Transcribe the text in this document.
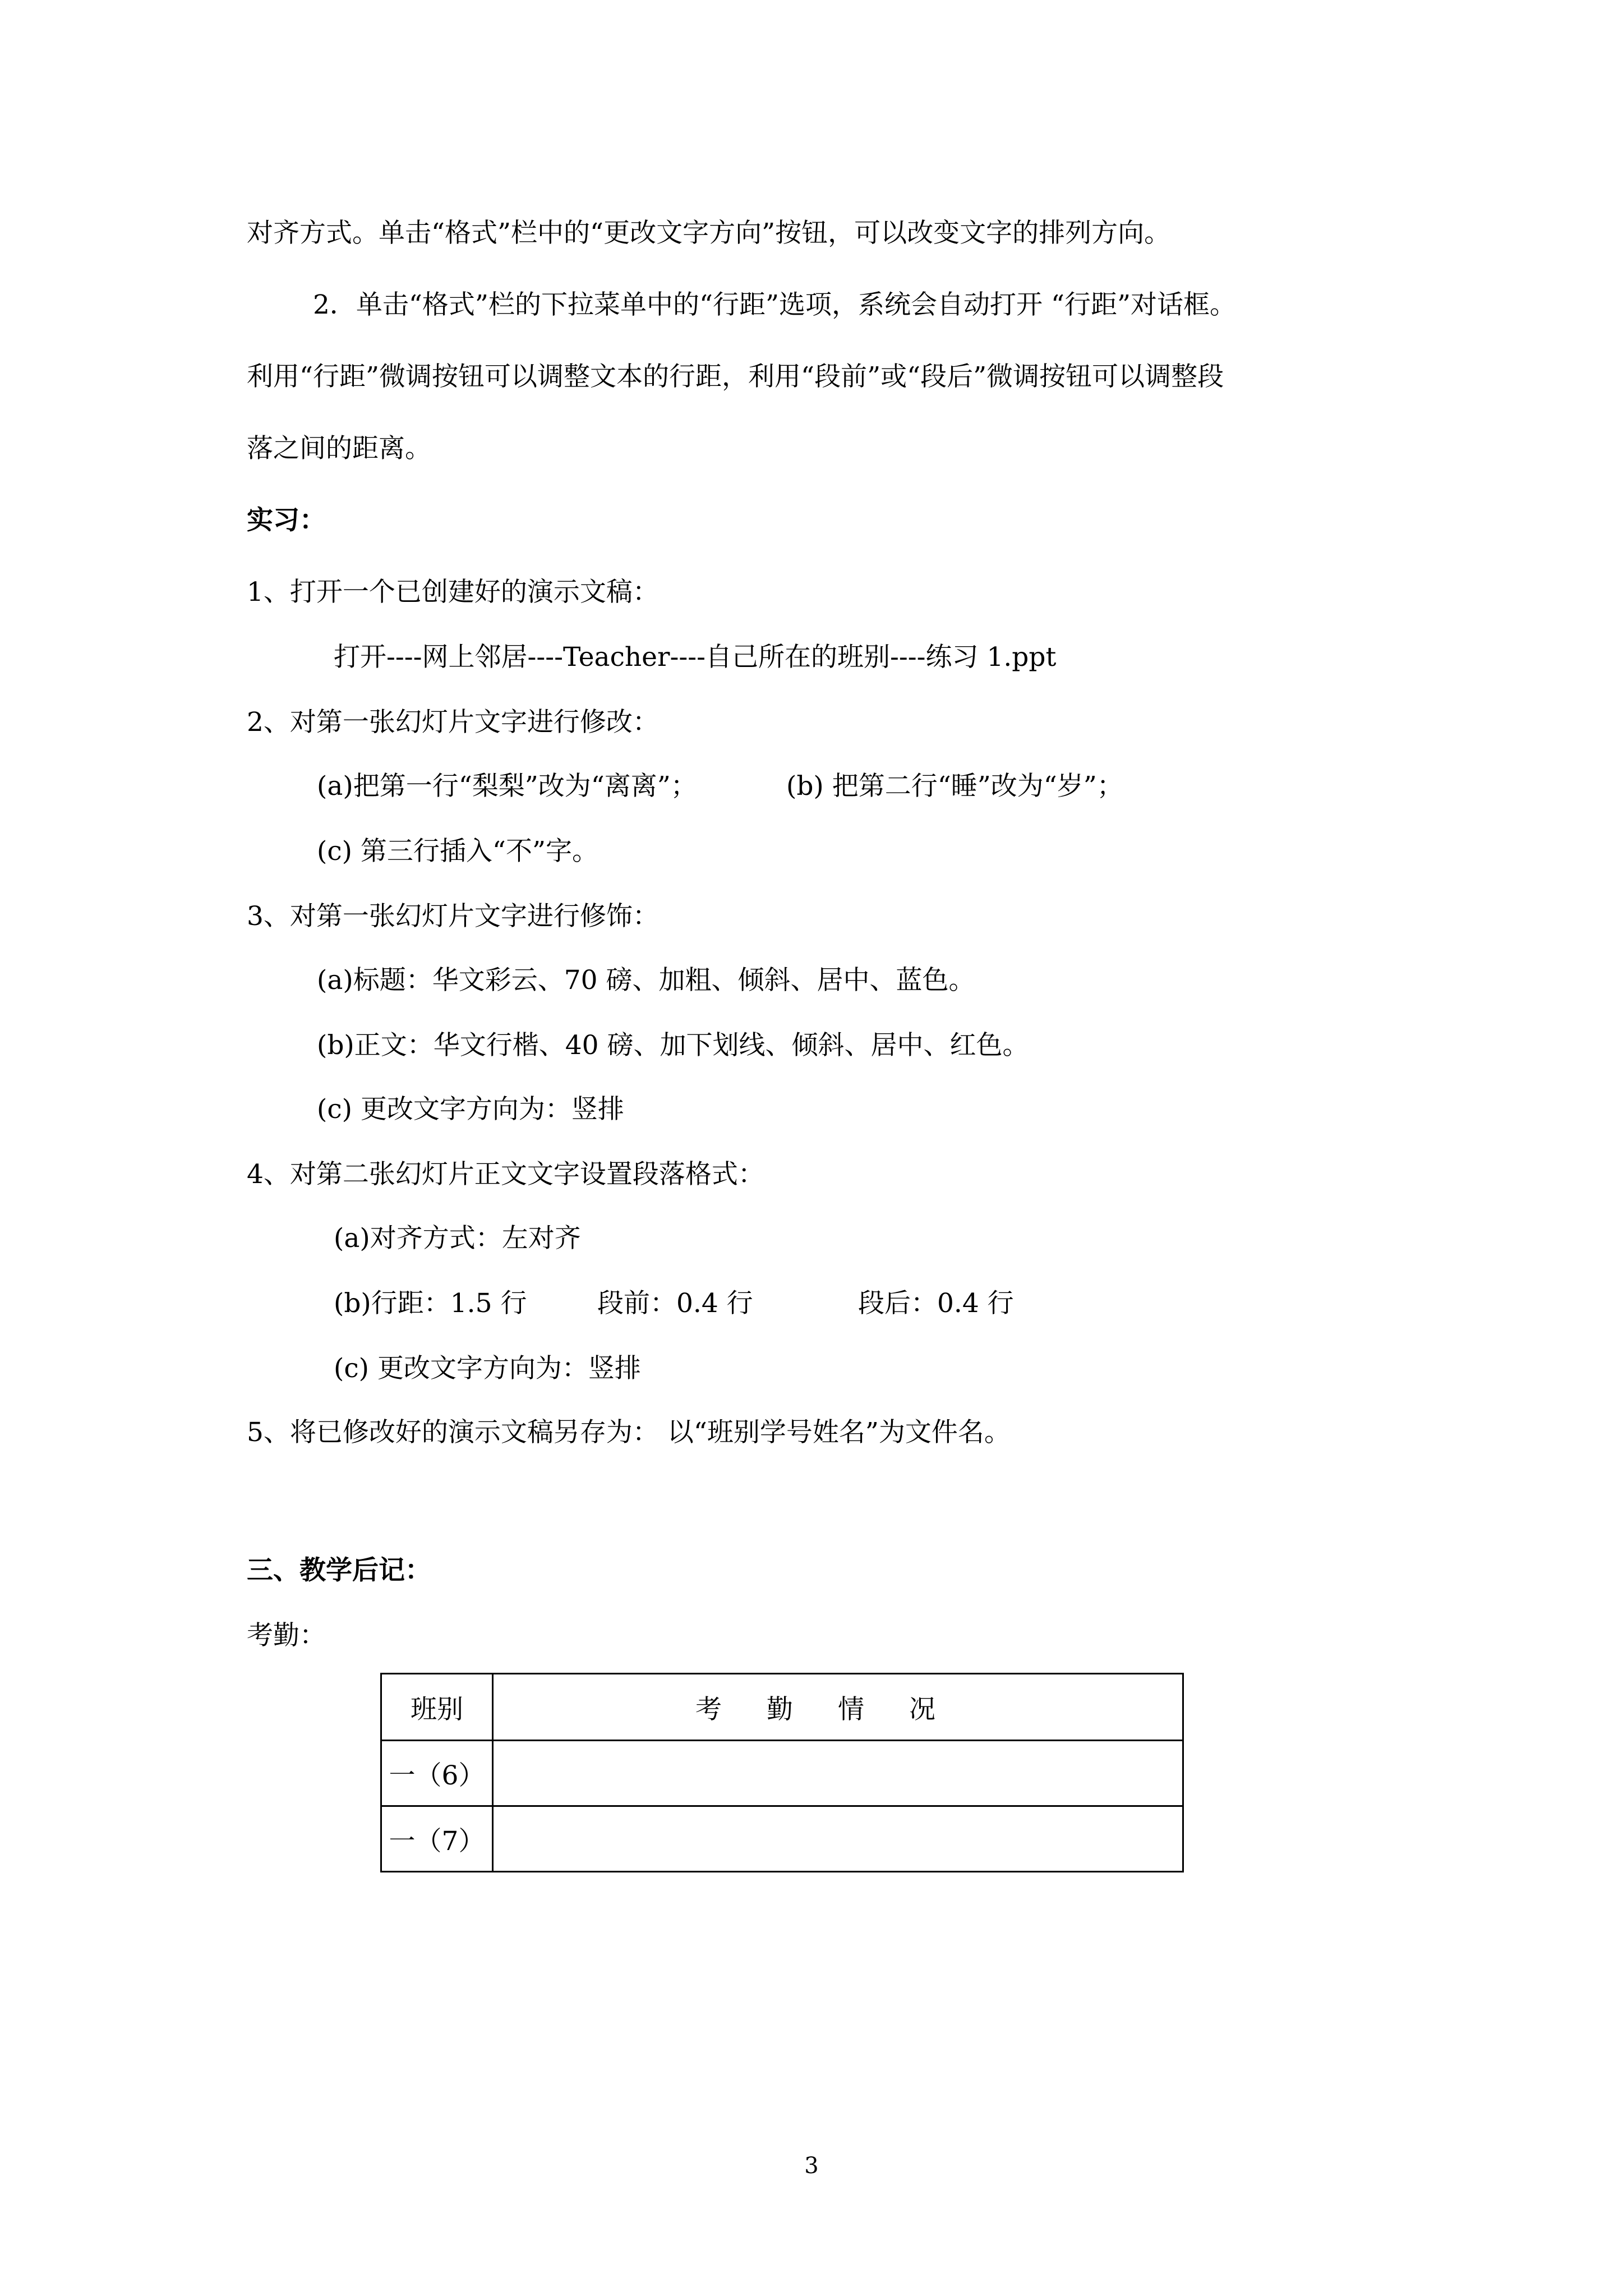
对齐方式。单击“格式”栏中的“更改文字方向”按钮，可以改变文字的排列方向。
2．单击“格式”栏的下拉菜单中的“行距”选项，系统会自动打开 “行距”对话框。
利用“行距”微调按钮可以调整文本的行距，利用“段前”或“段后”微调按钮可以调整段
落之间的距离。
实习：
1、打开一个已创建好的演示文稿：
打开----网上邻居----Teacher----自己所在的班别----练习 1.ppt
2、对第一张幻灯片文字进行修改：
(a)把第一行“梨梨”改为“离离”；	(b) 把第二行“睡”改为“岁”；
(c) 第三行插入“不”字。
3、对第一张幻灯片文字进行修饰：
(a)标题：华文彩云、70 磅、加粗、倾斜、居中、蓝色。
(b)正文：华文行楷、40 磅、加下划线、倾斜、居中、红色。
(c) 更改文字方向为：竖排
4、对第二张幻灯片正文文字设置段落格式：
(a)对齐方式：左对齐
(b)行距：1.5 行	段前：0.4 行	段后：0.4 行
(c) 更改文字方向为：竖排
5、将已修改好的演示文稿另存为： 以“班别学号姓名”为文件名。
三、教学后记：
考勤：
班别	考勤情况
一（6）	
一（7）	
3
